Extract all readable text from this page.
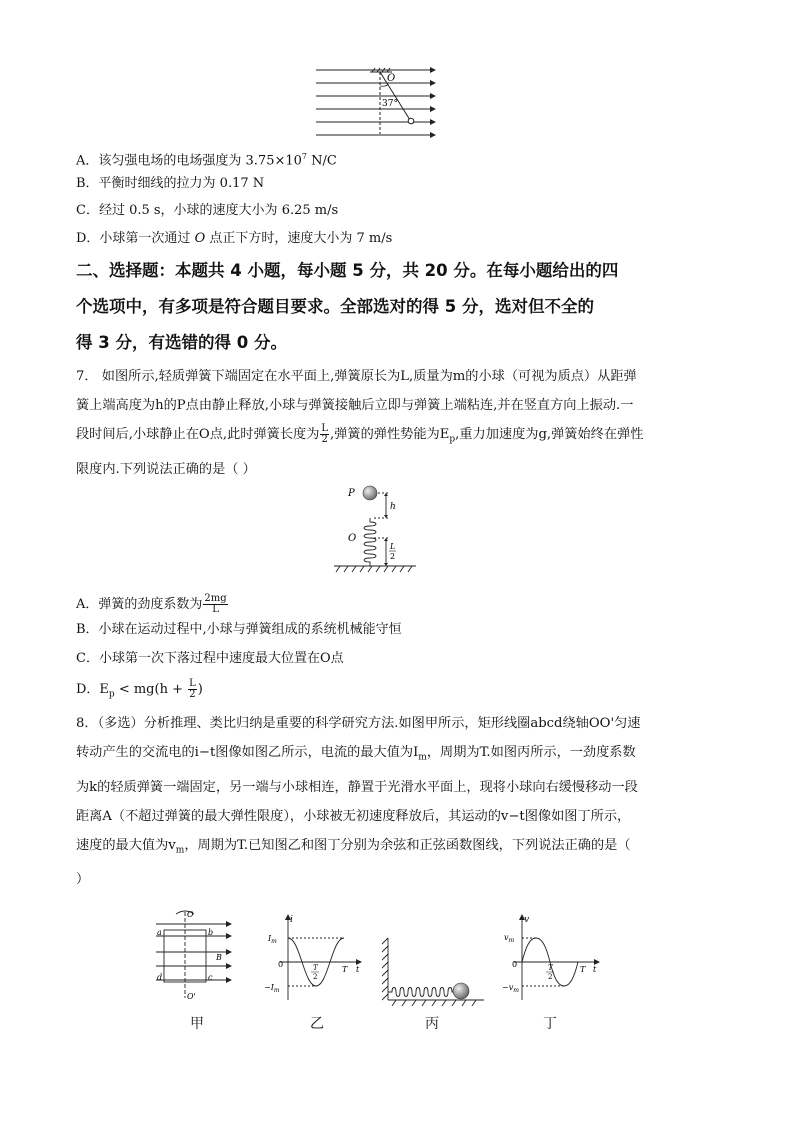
O
37°
A．该匀强电场的电场强度为 $3.75\times 10^7$ N/C
B．平衡时细线的拉力为 0.17 N
C．经过 0.5 s，小球的速度大小为 6.25 m/s
D．小球第一次通过 O 点正下方时，速度大小为 7 m/s
二、选择题：本题共 4 小题，每小题 5 分，共 20 分。在每小题给出的四
个选项中，有多项是符合题目要求。全部选对的得 5 分，选对但不全的
得 3 分，有选错的得 0 分。
7． 如图所示,轻质弹簧下端固定在水平面上,弹簧原长为L,质量为m的小球（可视为质点）从距弹
簧上端高度为h的P点由静止释放,小球与弹簧接触后立即与弹簧上端粘连,并在竖直方向上振动.一
段时间后,小球静止在O点,此时弹簧长度为 $\frac{L}{2}$ ,弹簧的弹性势能为$E_p$,重力加速度为g,弹簧始终在弹性
限度内.下列说法正确的是（ ）
P
O
h
L
2
A．弹簧的劲度系数为 $\frac{2mg}{L}$
B．小球在运动过程中,小球与弹簧组成的系统机械能守恒
C．小球第一次下落过程中速度最大位置在O点
D．$E_p < mg(h + \frac{L}{2}$ )
8．（多选）分析推理、类比归纳是重要的科学研究方法.如图甲所示，矩形线圈abcd绕轴OO'匀速
转动产生的交流电的i−t图像如图乙所示，电流的最大值为$I_m$，周期为T.如图丙所示，一劲度系数
为k的轻质弹簧一端固定，另一端与小球相连，静置于光滑水平面上，现将小球向右缓慢移动一段
距离A（不超过弹簧的最大弹性限度），小球被无初速度释放后，其运动的v−t图像如图丁所示，
速度的最大值为$v_m$，周期为T.已知图乙和图丁分别为余弦和正弦函数图线，下列说法正确的是（
）
O
O'
a	b
c
d
B
甲
i
$I_m$
$-I_m$
0	T
2
T t
乙	丙
v
$v_m$
$-v_m$
0	T
2
T t
丁
